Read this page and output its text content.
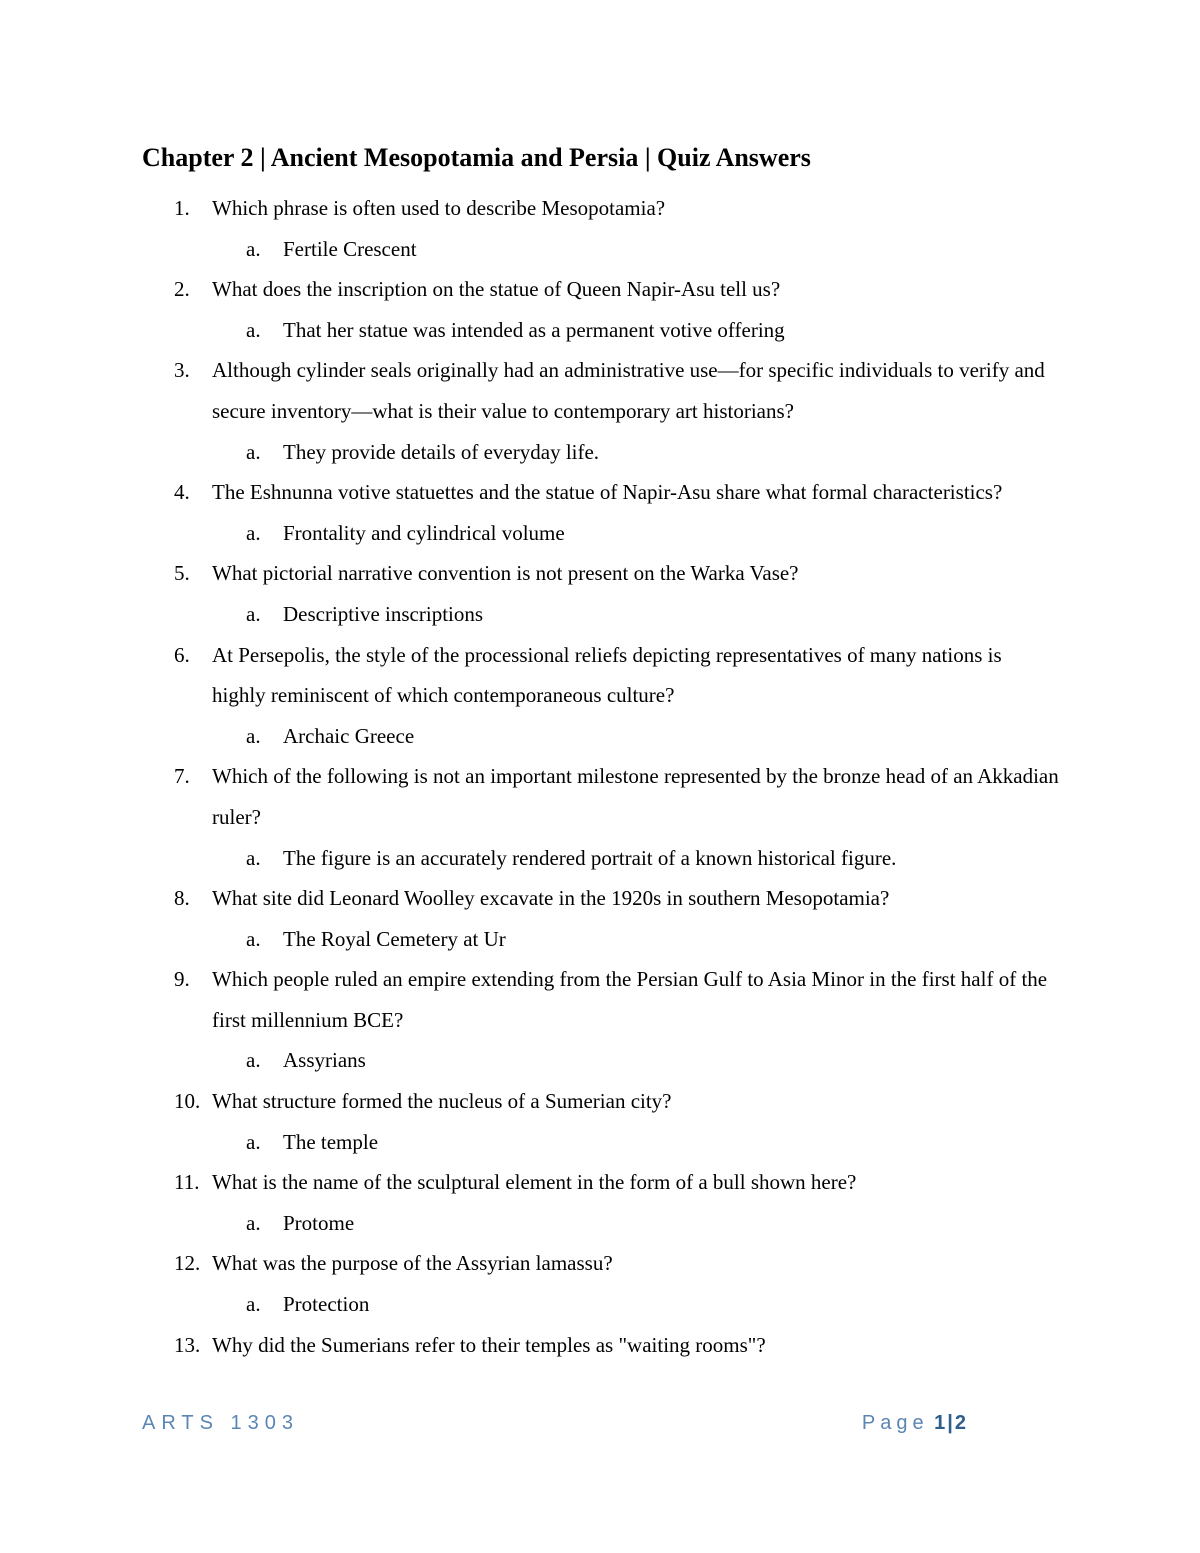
Chapter 2 | Ancient Mesopotamia and Persia | Quiz Answers
1. Which phrase is often used to describe Mesopotamia?
a. Fertile Crescent
2. What does the inscription on the statue of Queen Napir-Asu tell us?
a. That her statue was intended as a permanent votive offering
3. Although cylinder seals originally had an administrative use—for specific individuals to verify and secure inventory—what is their value to contemporary art historians?
a. They provide details of everyday life.
4. The Eshnunna votive statuettes and the statue of Napir-Asu share what formal characteristics?
a. Frontality and cylindrical volume
5. What pictorial narrative convention is not present on the Warka Vase?
a. Descriptive inscriptions
6. At Persepolis, the style of the processional reliefs depicting representatives of many nations is highly reminiscent of which contemporaneous culture?
a. Archaic Greece
7. Which of the following is not an important milestone represented by the bronze head of an Akkadian ruler?
a. The figure is an accurately rendered portrait of a known historical figure.
8. What site did Leonard Woolley excavate in the 1920s in southern Mesopotamia?
a. The Royal Cemetery at Ur
9. Which people ruled an empire extending from the Persian Gulf to Asia Minor in the first half of the first millennium BCE?
a. Assyrians
10. What structure formed the nucleus of a Sumerian city?
a. The temple
11. What is the name of the sculptural element in the form of a bull shown here?
a. Protome
12. What was the purpose of the Assyrian lamassu?
a. Protection
13. Why did the Sumerians refer to their temples as "waiting rooms"?
ARTS 1303	Page 1|2
